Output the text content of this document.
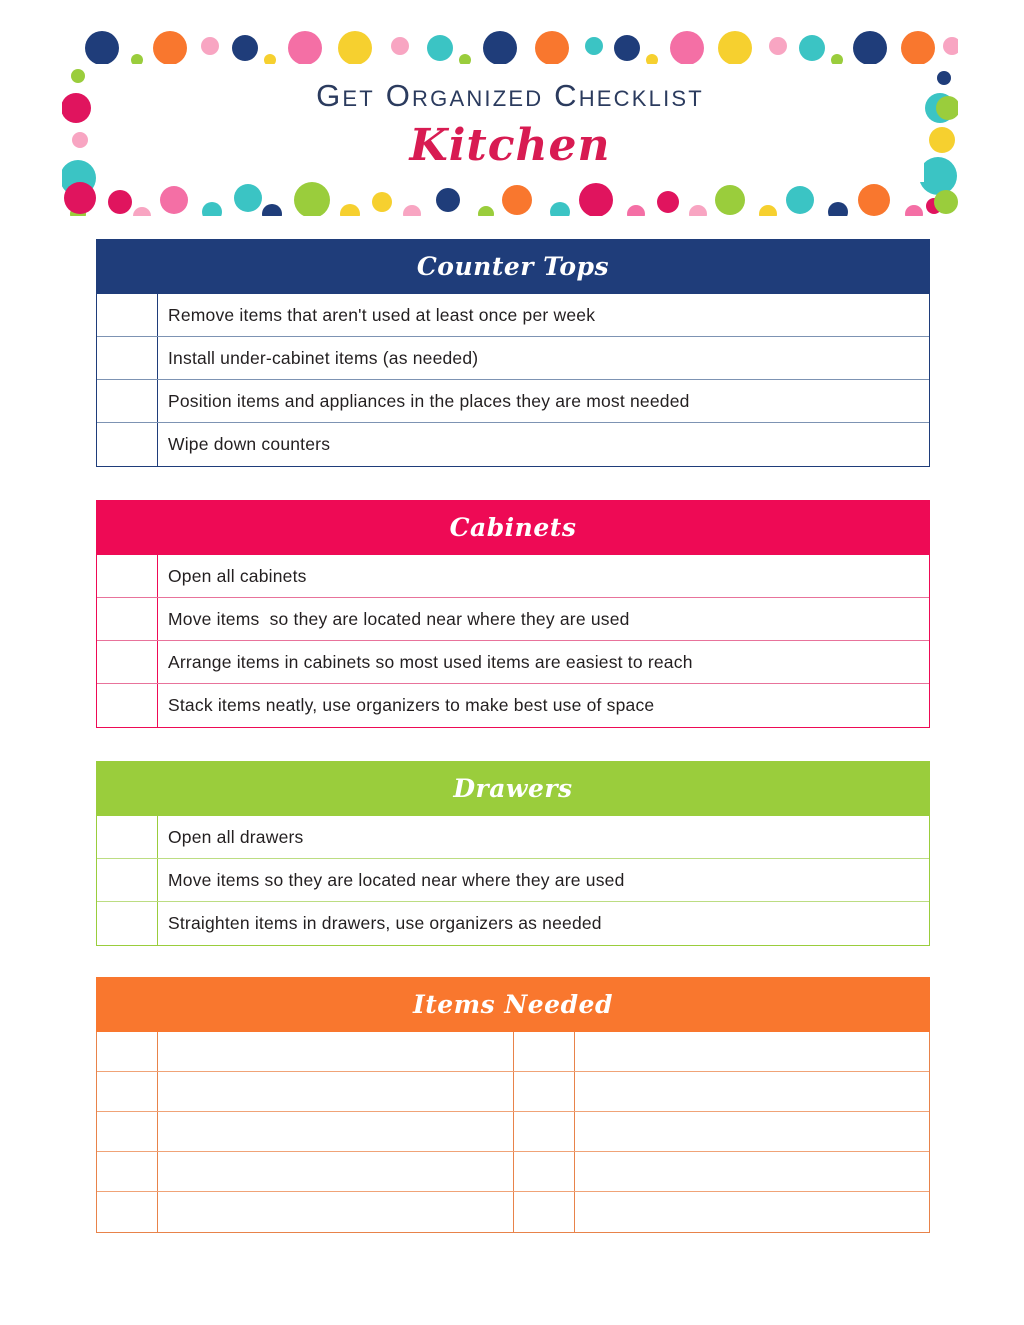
Get Organized Checklist
Kitchen
Counter Tops
Remove items that aren't used at least once per week
Install under-cabinet items (as needed)
Position items and appliances in the places they are most needed
Wipe down counters
Cabinets
Open all cabinets
Move items  so they are located near where they are used
Arrange items in cabinets so most used items are easiest to reach
Stack items neatly, use organizers to make best use of space
Drawers
Open all drawers
Move items so they are located near where they are used
Straighten items in drawers, use organizers as needed
Items Needed
